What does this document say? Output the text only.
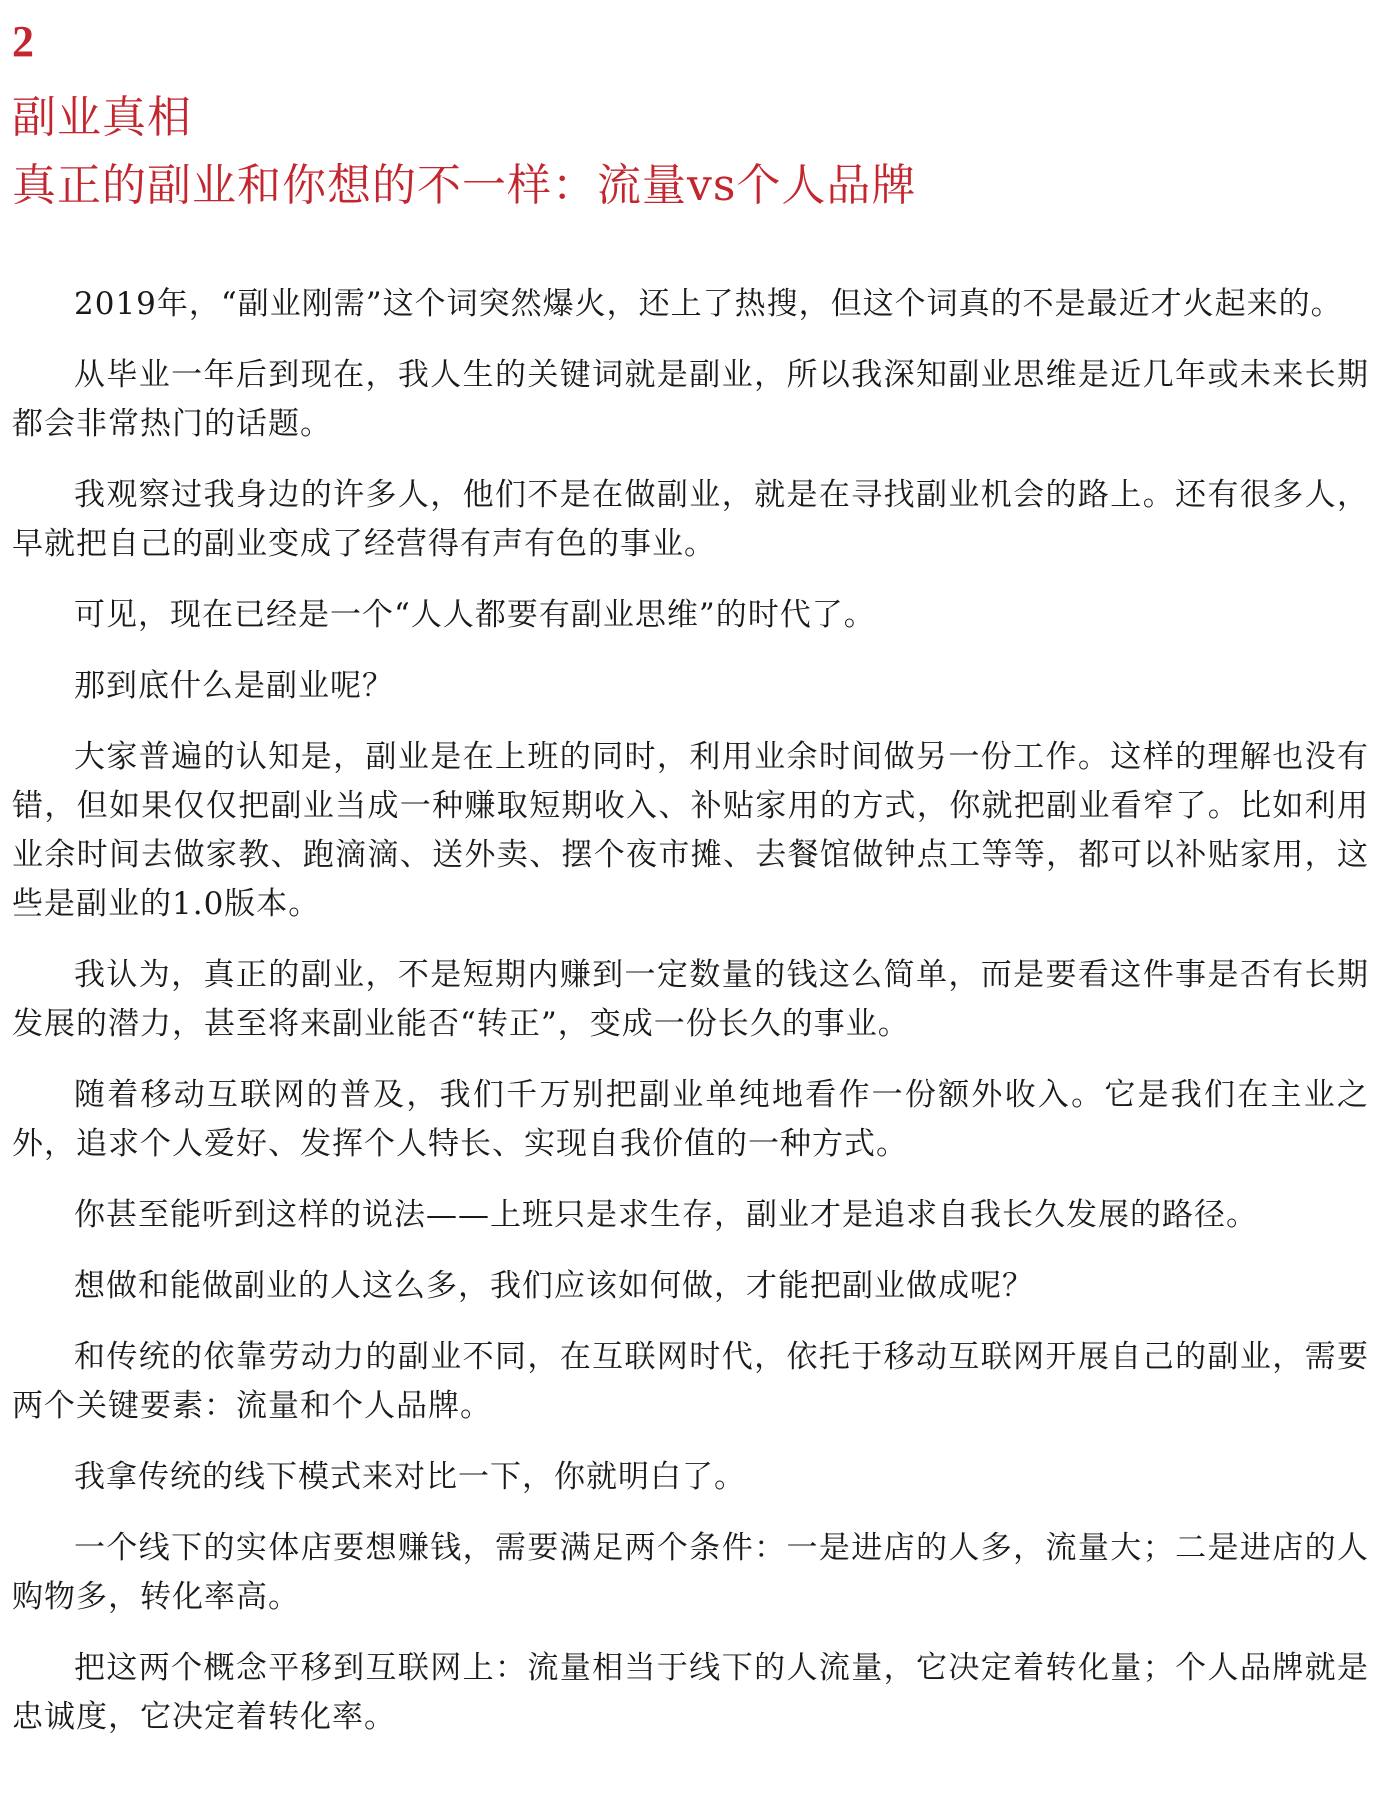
2
副业真相
真正的副业和你想的不一样：流量vs个人品牌

2019年，“副业刚需”这个词突然爆火，还上了热搜，但这个词真的不是最近才火起来的。

从毕业一年后到现在，我人生的关键词就是副业，所以我深知副业思维是近几年或未来长期都会非常热门的话题。

我观察过我身边的许多人，他们不是在做副业，就是在寻找副业机会的路上。还有很多人，早就把自己的副业变成了经营得有声有色的事业。

可见，现在已经是一个“人人都要有副业思维”的时代了。

那到底什么是副业呢？

大家普遍的认知是，副业是在上班的同时，利用业余时间做另一份工作。这样的理解也没有错，但如果仅仅把副业当成一种赚取短期收入、补贴家用的方式，你就把副业看窄了。比如利用业余时间去做家教、跑滴滴、送外卖、摆个夜市摊、去餐馆做钟点工等等，都可以补贴家用，这些是副业的1.0版本。

我认为，真正的副业，不是短期内赚到一定数量的钱这么简单，而是要看这件事是否有长期发展的潜力，甚至将来副业能否“转正”，变成一份长久的事业。

随着移动互联网的普及，我们千万别把副业单纯地看作一份额外收入。它是我们在主业之外，追求个人爱好、发挥个人特长、实现自我价值的一种方式。

你甚至能听到这样的说法——上班只是求生存，副业才是追求自我长久发展的路径。

想做和能做副业的人这么多，我们应该如何做，才能把副业做成呢？

和传统的依靠劳动力的副业不同，在互联网时代，依托于移动互联网开展自己的副业，需要两个关键要素：流量和个人品牌。

我拿传统的线下模式来对比一下，你就明白了。

一个线下的实体店要想赚钱，需要满足两个条件：一是进店的人多，流量大；二是进店的人购物多，转化率高。

把这两个概念平移到互联网上：流量相当于线下的人流量，它决定着转化量；个人品牌就是忠诚度，它决定着转化率。
